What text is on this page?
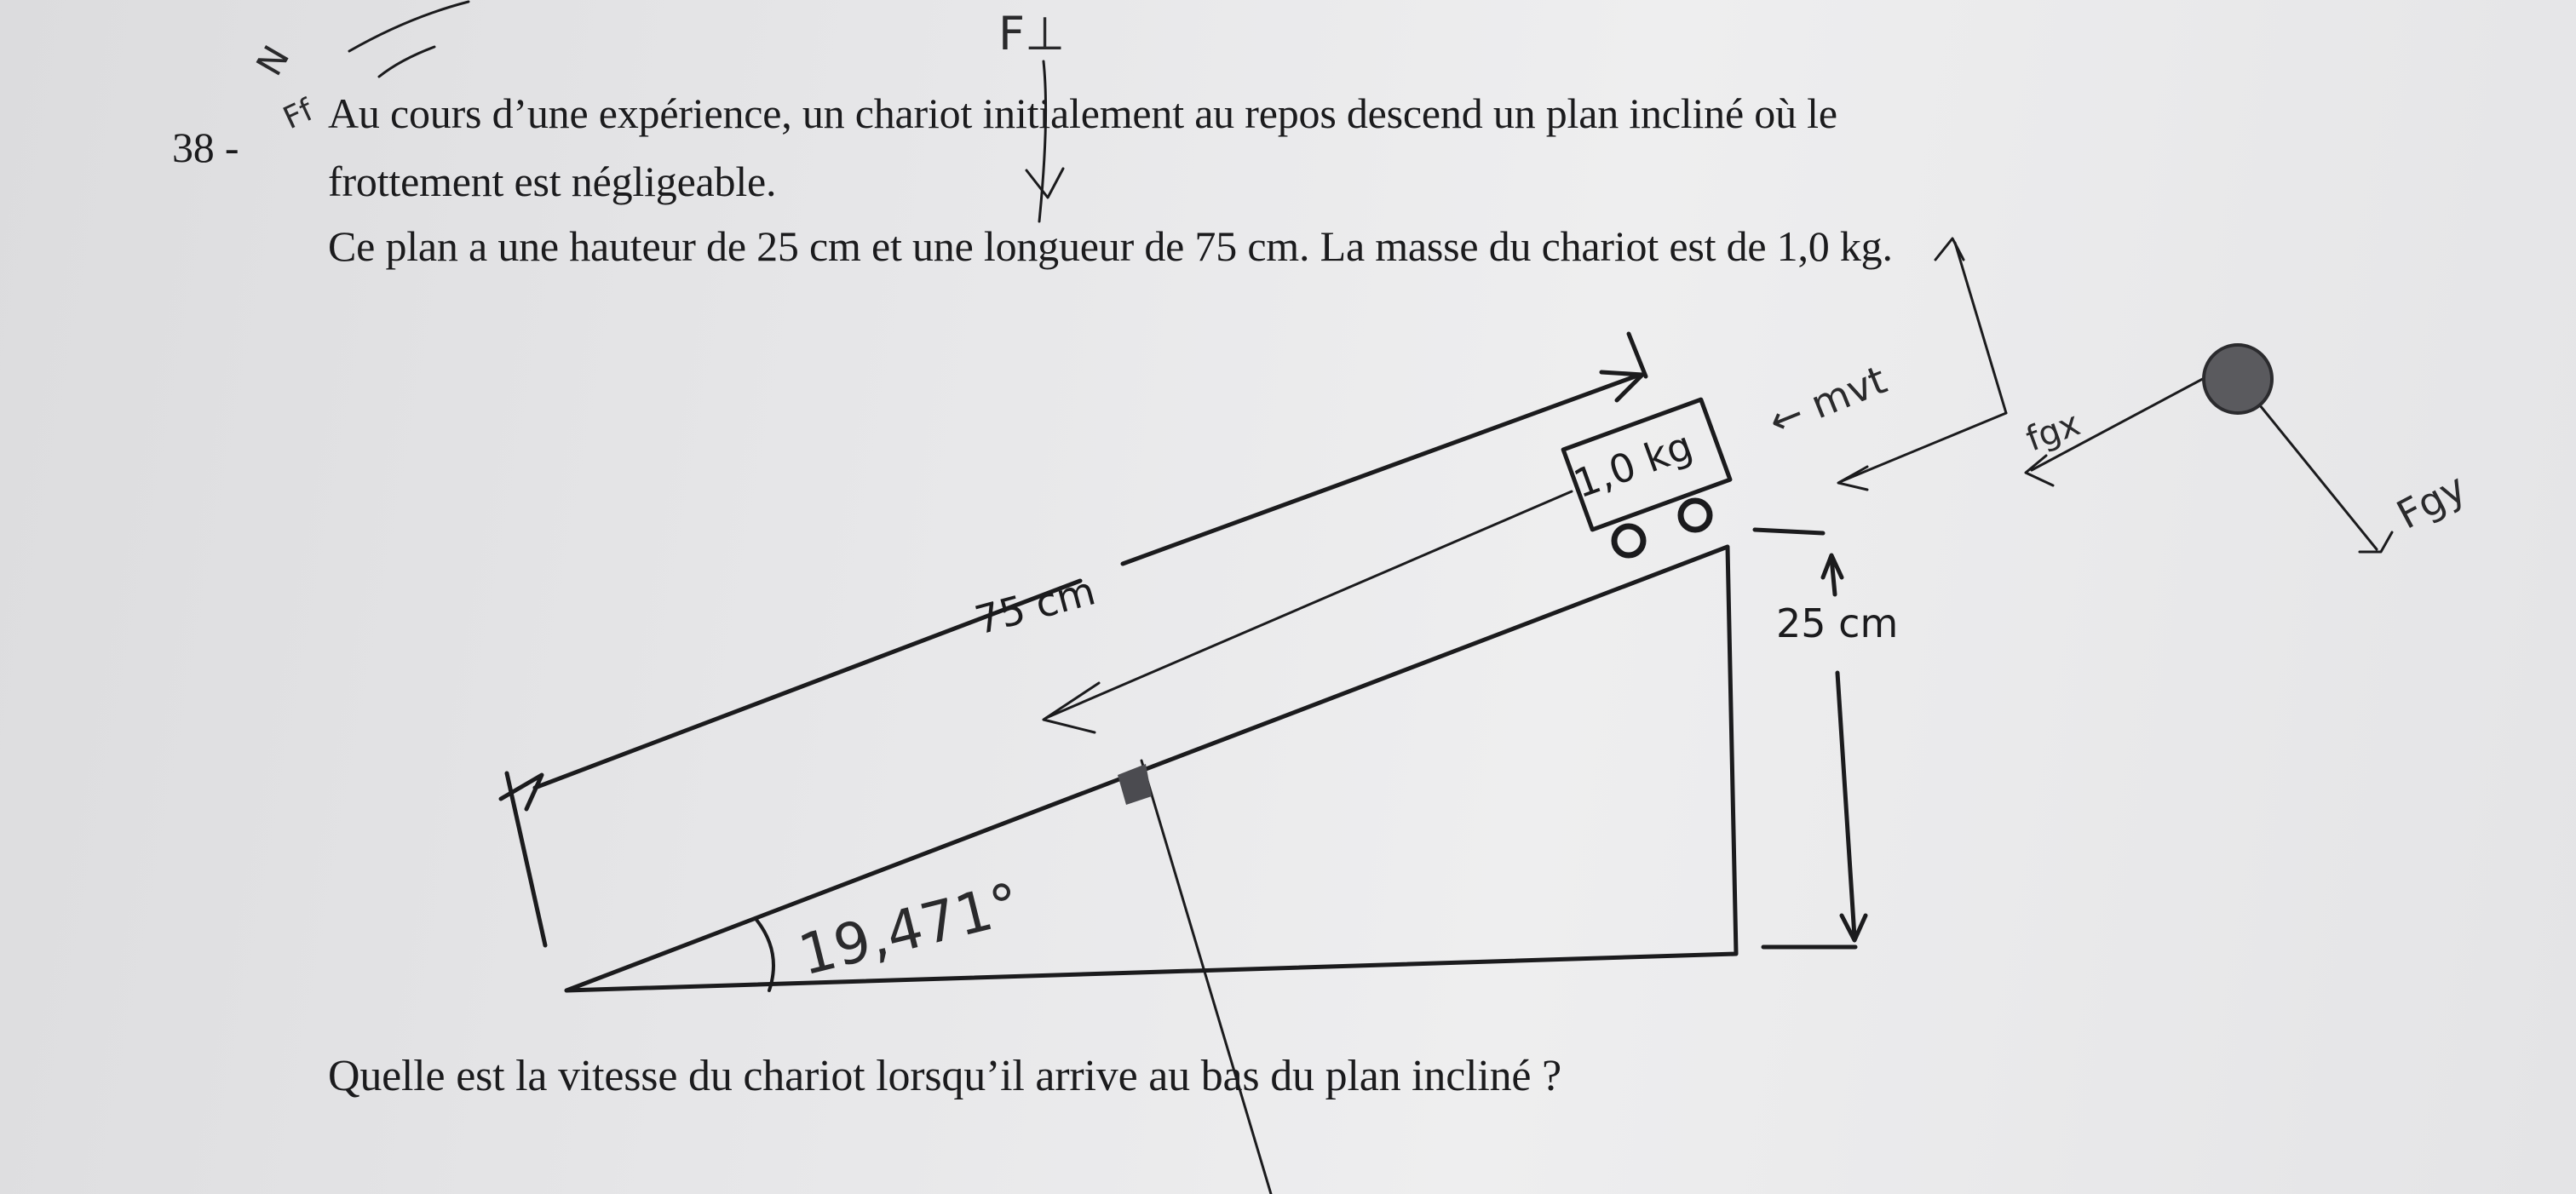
38 -
Au cours d’une expérience, un chariot initialement au repos descend un plan incliné où le
frottement est négligeable.
Ce plan a une hauteur de 25 cm et une longueur de 75 cm. La masse du chariot est de 1,0 kg.
Quelle est la vitesse du chariot lorsqu’il arrive au bas du plan incliné ?
75 cm	25 cm
1,0 kg
19,471°
← mvt	fgx
Fgy
N
Ff
F⊥
